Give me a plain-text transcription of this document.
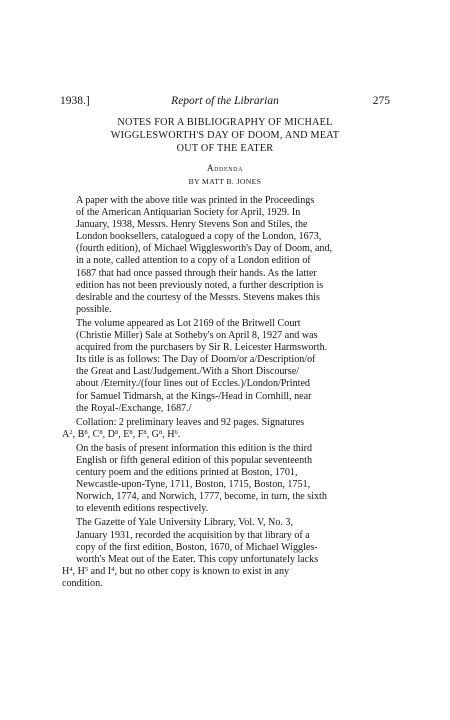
1938.]	Report of the Librarian	275
NOTES FOR A BIBLIOGRAPHY OF MICHAEL
WIGGLESWORTH'S DAY OF DOOM, AND MEAT
OUT OF THE EATER
Addenda
BY MATT B. JONES

A paper with the above title was printed in the Proceedings
of the American Antiquarian Society for April, 1929. In
January, 1938, Messrs. Henry Stevens Son and Stiles, the
London booksellers, catalogued a copy of the London, 1673,
(fourth edition), of Michael Wigglesworth's Day of Doom, and,
in a note, called attention to a copy of a London edition of
1687 that had once passed through their hands. As the latter
edition has not been previously noted, a further description is
desirable and the courtesy of the Messrs. Stevens makes this
possible.

The volume appeared as Lot 2169 of the Britwell Court
(Christie Miller) Sale at Sotheby's on April 8, 1927 and was
acquired from the purchasers by Sir R. Leicester Harmsworth.
Its title is as follows: The Day of Doom/or a/Description/of
the Great and Last/Judgement./With a Short Discourse/
about /Eternity./(four lines out of Eccles.)/London/Printed
for Samuel Tidmarsh, at the Kings-/Head in Cornhill, near
the Royal-/Exchange, 1687./

Collation: 2 preliminary leaves and 92 pages. Signatures
$A^2$, $B^8$, $C^8$, $D^8$, $E^8$, $F^8$, $G^8$, $H^6$.

On the basis of present information this edition is the third
English or fifth general edition of this popular seventeenth
century poem and the editions printed at Boston, 1701,
Newcastle-upon-Tyne, 1711, Boston, 1715, Boston, 1751,
Norwich, 1774, and Norwich, 1777, become, in turn, the sixth
to eleventh editions respectively.

The Gazette of Yale University Library, Vol. V, No. 3,
January 1931, recorded the acquisition by that library of a
copy of the first edition, Boston, 1670, of Michael Wiggles-
worth's Meat out of the Eater. This copy unfortunately lacks
$H^4$, $H^5$ and $I^4$, but no other copy is known to exist in any
condition.
